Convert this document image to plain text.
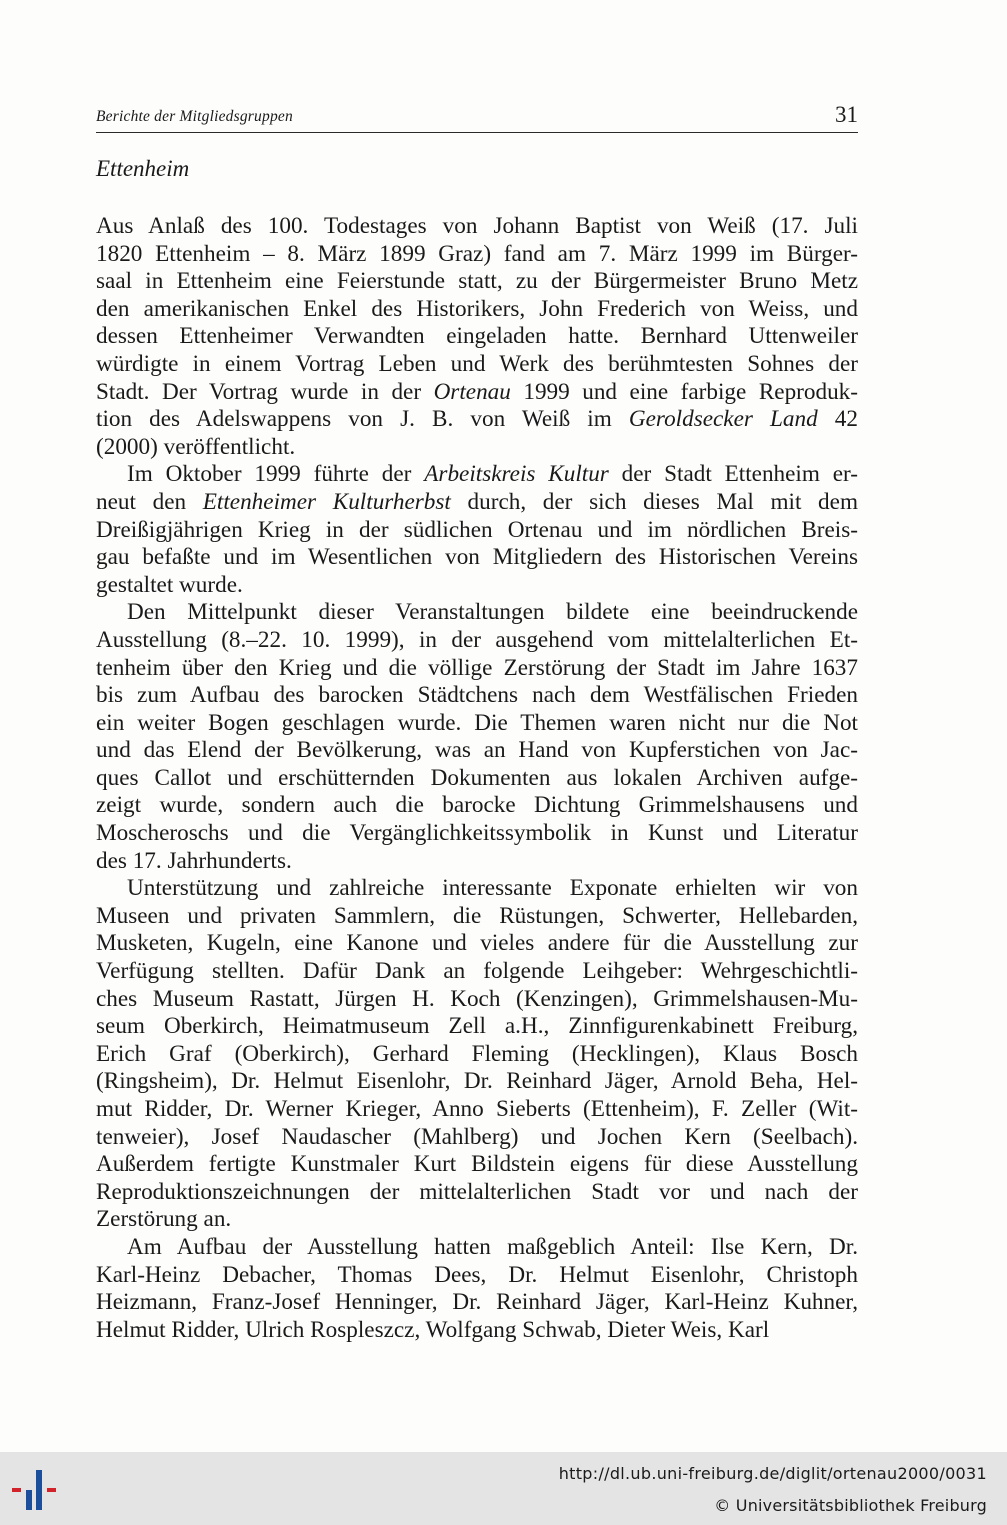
Berichte der Mitgliedsgruppen	31
Ettenheim

Aus Anlaß des 100. Todestages von Johann Baptist von Weiß (17. Juli

1820 Ettenheim – 8. März 1899 Graz) fand am 7. März 1999 im Bürger-

saal in Ettenheim eine Feierstunde statt, zu der Bürgermeister Bruno Metz

den amerikanischen Enkel des Historikers, John Frederich von Weiss, und

dessen Ettenheimer Verwandten eingeladen hatte. Bernhard Uttenweiler

würdigte in einem Vortrag Leben und Werk des berühmtesten Sohnes der

Stadt. Der Vortrag wurde in der Ortenau 1999 und eine farbige Reproduk-

tion des Adelswappens von J. B. von Weiß im Geroldsecker Land 42

(2000) veröffentlicht.

Im Oktober 1999 führte der Arbeitskreis Kultur der Stadt Ettenheim er-

neut den Ettenheimer Kulturherbst durch, der sich dieses Mal mit dem

Dreißigjährigen Krieg in der südlichen Ortenau und im nördlichen Breis-

gau befaßte und im Wesentlichen von Mitgliedern des Historischen Vereins

gestaltet wurde.

Den Mittelpunkt dieser Veranstaltungen bildete eine beeindruckende

Ausstellung (8.–22. 10. 1999), in der ausgehend vom mittelalterlichen Et-

tenheim über den Krieg und die völlige Zerstörung der Stadt im Jahre 1637

bis zum Aufbau des barocken Städtchens nach dem Westfälischen Frieden

ein weiter Bogen geschlagen wurde. Die Themen waren nicht nur die Not

und das Elend der Bevölkerung, was an Hand von Kupferstichen von Jac-

ques Callot und erschütternden Dokumenten aus lokalen Archiven aufge-

zeigt wurde, sondern auch die barocke Dichtung Grimmelshausens und

Moscheroschs und die Vergänglichkeitssymbolik in Kunst und Literatur

des 17. Jahrhunderts.

Unterstützung und zahlreiche interessante Exponate erhielten wir von

Museen und privaten Sammlern, die Rüstungen, Schwerter, Hellebarden,

Musketen, Kugeln, eine Kanone und vieles andere für die Ausstellung zur

Verfügung stellten. Dafür Dank an folgende Leihgeber: Wehrgeschichtli-

ches Museum Rastatt, Jürgen H. Koch (Kenzingen), Grimmelshausen-Mu-

seum Oberkirch, Heimatmuseum Zell a.H., Zinnfigurenkabinett Freiburg,

Erich Graf (Oberkirch), Gerhard Fleming (Hecklingen), Klaus Bosch

(Ringsheim), Dr. Helmut Eisenlohr, Dr. Reinhard Jäger, Arnold Beha, Hel-

mut Ridder, Dr. Werner Krieger, Anno Sieberts (Ettenheim), F. Zeller (Wit-

tenweier), Josef Naudascher (Mahlberg) und Jochen Kern (Seelbach).

Außerdem fertigte Kunstmaler Kurt Bildstein eigens für diese Ausstellung

Reproduktionszeichnungen der mittelalterlichen Stadt vor und nach der

Zerstörung an.

Am Aufbau der Ausstellung hatten maßgeblich Anteil: Ilse Kern, Dr.

Karl-Heinz Debacher, Thomas Dees, Dr. Helmut Eisenlohr, Christoph

Heizmann, Franz-Josef Henninger, Dr. Reinhard Jäger, Karl-Heinz Kuhner,

Helmut Ridder, Ulrich Rospleszcz, Wolfgang Schwab, Dieter Weis, Karl

http://dl.ub.uni-freiburg.de/diglit/ortenau2000/0031
© Universitätsbibliothek Freiburg
